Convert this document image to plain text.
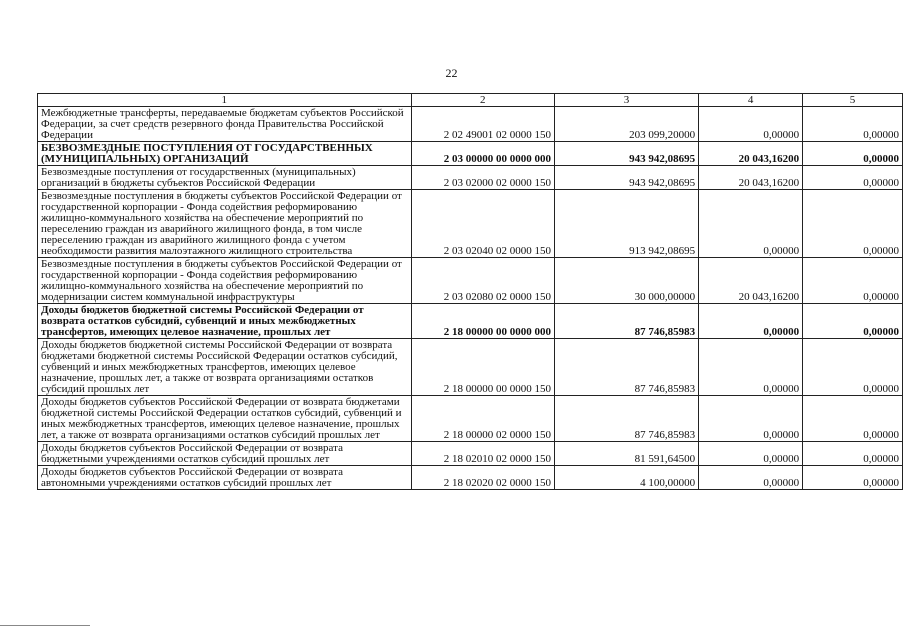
22
1	2	3	4	5
Межбюджетные трансферты, передаваемые бюджетам субъектов Российской Федерации, за счет средств резервного фонда Правительства Российской Федерации	2 02 49001 02 0000 150	203 099,20000	0,00000	0,00000
БЕЗВОЗМЕЗДНЫЕ ПОСТУПЛЕНИЯ ОТ ГОСУДАРСТВЕННЫХ (МУНИЦИПАЛЬНЫХ) ОРГАНИЗАЦИЙ	2 03 00000 00 0000 000	943 942,08695	20 043,16200	0,00000
Безвозмездные поступления от государственных (муниципальных) организаций в бюджеты субъектов Российской Федерации	2 03 02000 02 0000 150	943 942,08695	20 043,16200	0,00000
Безвозмездные поступления в бюджеты субъектов Российской Федерации от государственной корпорации - Фонда содействия реформированию жилищно-коммунального хозяйства на обеспечение мероприятий по переселению граждан из аварийного жилищного фонда, в том числе переселению граждан из аварийного жилищного фонда с учетом необходимости развития малоэтажного жилищного строительства	2 03 02040 02 0000 150	913 942,08695	0,00000	0,00000
Безвозмездные поступления в бюджеты субъектов Российской Федерации от государственной корпорации - Фонда содействия реформированию жилищно-коммунального хозяйства на обеспечение мероприятий по модернизации систем коммунальной инфраструктуры	2 03 02080 02 0000 150	30 000,00000	20 043,16200	0,00000
Доходы бюджетов бюджетной системы Российской Федерации от возврата остатков субсидий, субвенций и иных межбюджетных трансфертов, имеющих целевое назначение, прошлых лет	2 18 00000 00 0000 000	87 746,85983	0,00000	0,00000
Доходы бюджетов бюджетной системы Российской Федерации от возврата бюджетами бюджетной системы Российской Федерации остатков субсидий, субвенций и иных межбюджетных трансфертов, имеющих целевое назначение, прошлых лет, а также от возврата организациями остатков субсидий прошлых лет	2 18 00000 00 0000 150	87 746,85983	0,00000	0,00000
Доходы бюджетов субъектов Российской Федерации от возврата бюджетами бюджетной системы Российской Федерации остатков субсидий, субвенций и иных межбюджетных трансфертов, имеющих целевое назначение, прошлых лет, а также от возврата организациями остатков субсидий прошлых лет	2 18 00000 02 0000 150	87 746,85983	0,00000	0,00000
Доходы бюджетов субъектов Российской Федерации от возврата бюджетными учреждениями остатков субсидий прошлых лет	2 18 02010 02 0000 150	81 591,64500	0,00000	0,00000
Доходы бюджетов субъектов Российской Федерации от возврата автономными учреждениями остатков субсидий прошлых лет	2 18 02020 02 0000 150	4 100,00000	0,00000	0,00000
